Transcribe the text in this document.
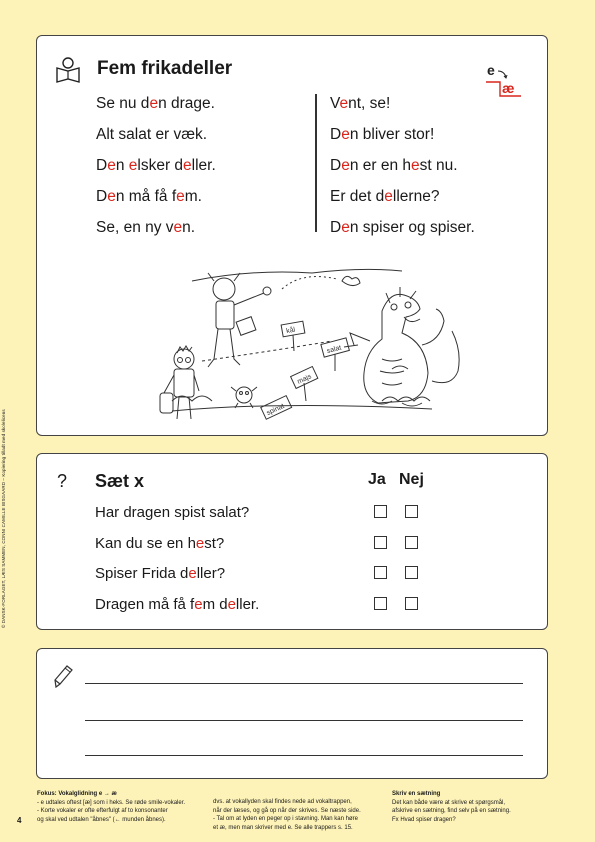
Fem frikadeller
Se nu den drage.
Alt salat er væk.
Den elsker deller.
Den må få fem.
Se, en ny ven.
Vent, se!
Den bliver stor!
Den er en hest nu.
Er det dellerne?
Den spiser og spiser.
e
æ
salat
majs
kål
spinat
? Sæt x	Ja Nej
Har dragen spist salat?
Kan du se en hest?
Spiser Frida deller?
Dragen må få fem deller.
© DANSK-FORLAGET, LÆS SAMMEN, CONNI CAMILLE BISGAARD – Kopiering tilladt med skolelicens
4
Fokus: Vokalglidning e → æ
- e udtales oftest [æ] som i heks. Se røde smile-vokaler.
- Korte vokaler er ofte efterfulgt af to konsonanter
og skal ved udtalen "åbnes" (← munden åbnes).
dvs. at vokallyden skal findes nede ad vokaltrappen,
når der læses, og gå op når der skrives. Se næste side.
- Tal om at lyden en peger op i stavning. Man kan høre
et æ, men man skriver med e. Se alle trappers s. 15.
Skriv en sætning
Det kan både være at skrive et spørgsmål,
afskrive en sætning, find selv på en sætning.
Fx Hvad spiser dragen?
